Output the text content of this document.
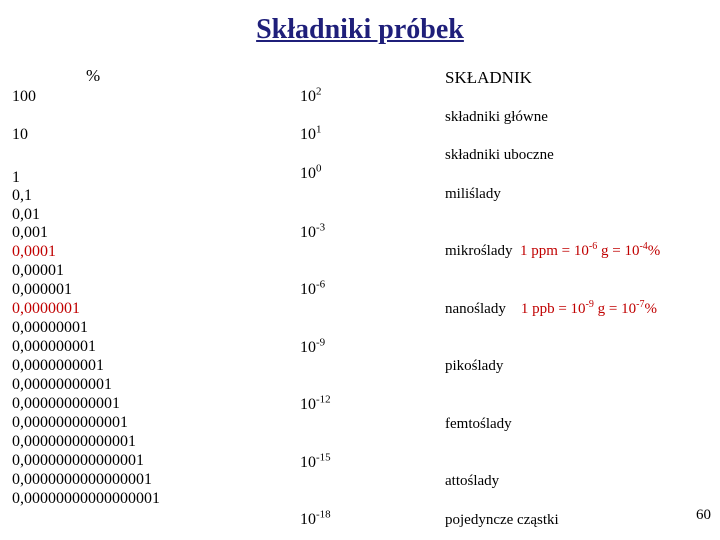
Składniki próbek
%	SKŁADNIK
100
10
1
0,1
0,01
0,001
0,0001
0,00001
0,000001
0,0000001
0,00000001
0,000000001
0,0000000001
0,00000000001
0,000000000001
0,0000000000001
0,00000000000001
0,000000000000001
0,0000000000000001
0,00000000000000001
$10^2$
$10^1$
$10^0$
$10^{-3}$
$10^{-6}$
$10^{-9}$
$10^{-12}$
$10^{-15}$
$10^{-18}$
składniki główne
składniki uboczne
miliślady
mikroślady 1 ppm = $10^{-6}$ $g = 10^{-4}\%$
nanoślady 1 ppb = $10^{-9}$ $g = 10^{-7}\%$
pikoślady
femtoślady
attoślady
pojedyncze cząstki	60
